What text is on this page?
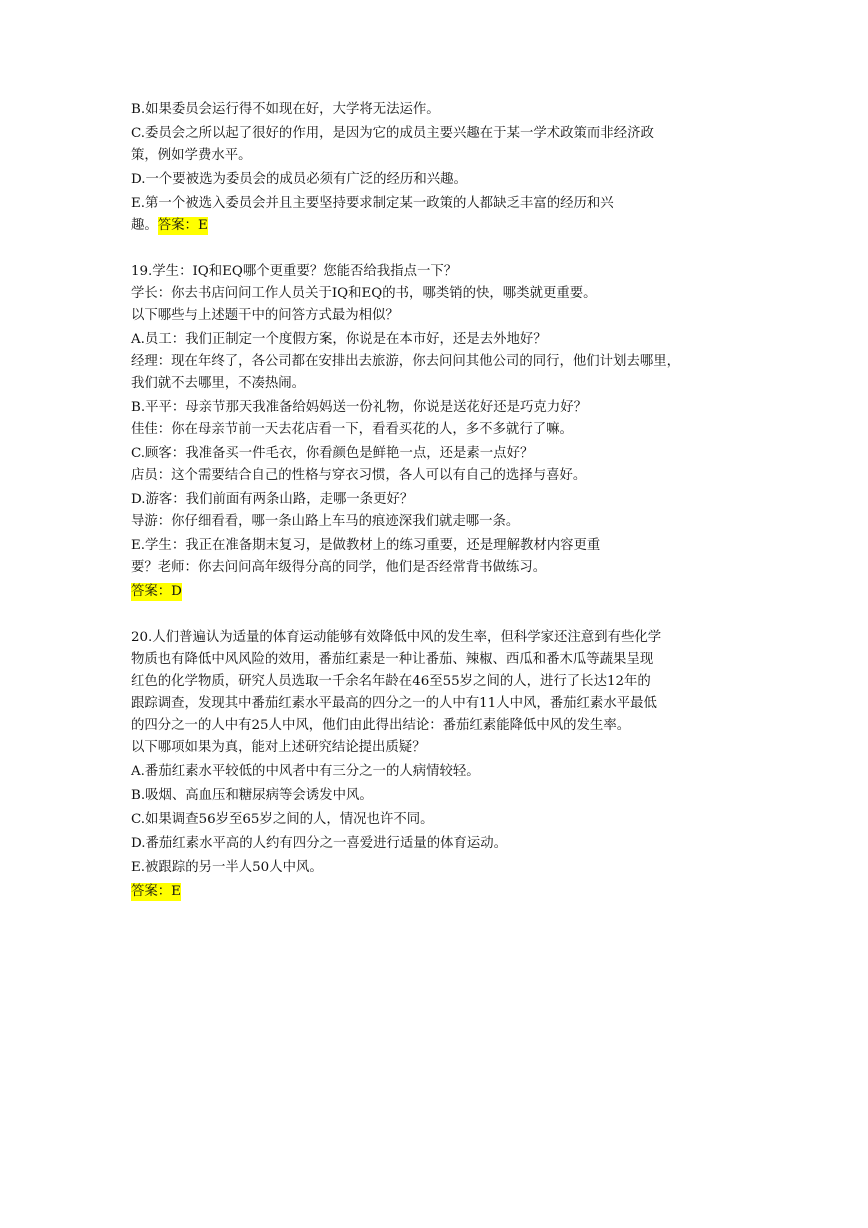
B.如果委员会运行得不如现在好，大学将无法运作。

C.委员会之所以起了很好的作用，是因为它的成员主要兴趣在于某一学术政策而非经济政

策，例如学费水平。

D.一个要被选为委员会的成员必须有广泛的经历和兴趣。

E.第一个被选入委员会并且主要坚持要求制定某一政策的人都缺乏丰富的经历和兴

趣。答案：E

19.学生：IQ和EQ哪个更重要？您能否给我指点一下？

学长：你去书店问问工作人员关于IQ和EQ的书，哪类销的快，哪类就更重要。

以下哪些与上述题干中的问答方式最为相似？

A.员工：我们正制定一个度假方案，你说是在本市好，还是去外地好？

经理：现在年终了，各公司都在安排出去旅游，你去问问其他公司的同行，他们计划去哪里，

我们就不去哪里，不凑热闹。

B.平平：母亲节那天我准备给妈妈送一份礼物，你说是送花好还是巧克力好？

佳佳：你在母亲节前一天去花店看一下，看看买花的人，多不多就行了嘛。

C.顾客：我准备买一件毛衣，你看颜色是鲜艳一点，还是素一点好？

店员：这个需要结合自己的性格与穿衣习惯，各人可以有自己的选择与喜好。

D.游客：我们前面有两条山路，走哪一条更好？

导游：你仔细看看，哪一条山路上车马的痕迹深我们就走哪一条。

E.学生：我正在准备期末复习，是做教材上的练习重要，还是理解教材内容更重

要？老师：你去问问高年级得分高的同学，他们是否经常背书做练习。

答案：D

20.人们普遍认为适量的体育运动能够有效降低中风的发生率，但科学家还注意到有些化学

物质也有降低中风风险的效用，番茄红素是一种让番茄、辣椒、西瓜和番木瓜等蔬果呈现

红色的化学物质，研究人员选取一千余名年龄在46至55岁之间的人，进行了长达12年的

跟踪调查，发现其中番茄红素水平最高的四分之一的人中有11人中风，番茄红素水平最低

的四分之一的人中有25人中风，他们由此得出结论：番茄红素能降低中风的发生率。

以下哪项如果为真，能对上述研究结论提出质疑？

A.番茄红素水平较低的中风者中有三分之一的人病情较轻。

B.吸烟、高血压和糖尿病等会诱发中风。

C.如果调查56岁至65岁之间的人，情况也许不同。

D.番茄红素水平高的人约有四分之一喜爱进行适量的体育运动。

E.被跟踪的另一半人50人中风。

答案：E
